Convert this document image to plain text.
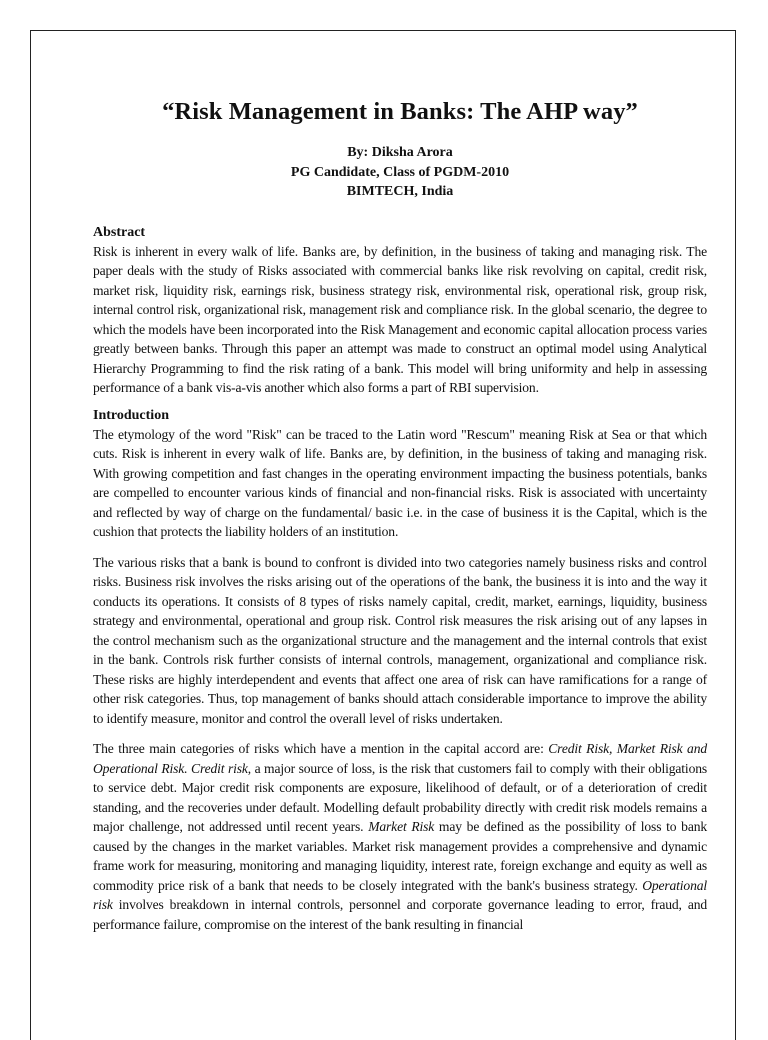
“Risk Management in Banks: The AHP way”
By: Diksha Arora
PG Candidate, Class of PGDM-2010
BIMTECH, India
Abstract

Risk is inherent in every walk of life. Banks are, by definition, in the business of taking and managing risk. The paper deals with the study of Risks associated with commercial banks like risk revolving on capital, credit risk, market risk, liquidity risk, earnings risk, business strategy risk, environmental risk, operational risk, group risk, internal control risk, organizational risk, management risk and compliance risk. In the global scenario, the degree to which the models have been incorporated into the Risk Management and economic capital allocation process varies greatly between banks. Through this paper an attempt was made to construct an optimal model using Analytical Hierarchy Programming to find the risk rating of a bank. This model will bring uniformity and help in assessing performance of a bank vis-a-vis another which also forms a part of RBI supervision.

Introduction

The etymology of the word "Risk" can be traced to the Latin word "Rescum" meaning Risk at Sea or that which cuts. Risk is inherent in every walk of life. Banks are, by definition, in the business of taking and managing risk. With growing competition and fast changes in the operating environment impacting the business potentials, banks are compelled to encounter various kinds of financial and non-financial risks. Risk is associated with uncertainty and reflected by way of charge on the fundamental/ basic i.e. in the case of business it is the Capital, which is the cushion that protects the liability holders of an institution.

The various risks that a bank is bound to confront is divided into two categories namely business risks and control risks. Business risk involves the risks arising out of the operations of the bank, the business it is into and the way it conducts its operations. It consists of 8 types of risks namely capital, credit, market, earnings, liquidity, business strategy and environmental, operational and group risk. Control risk measures the risk arising out of any lapses in the control mechanism such as the organizational structure and the management and the internal controls that exist in the bank. Controls risk further consists of internal controls, management, organizational and compliance risk. These risks are highly interdependent and events that affect one area of risk can have ramifications for a range of other risk categories. Thus, top management of banks should attach considerable importance to improve the ability to identify measure, monitor and control the overall level of risks undertaken.

The three main categories of risks which have a mention in the capital accord are: Credit Risk, Market Risk and Operational Risk. Credit risk, a major source of loss, is the risk that customers fail to comply with their obligations to service debt. Major credit risk components are exposure, likelihood of default, or of a deterioration of credit standing, and the recoveries under default. Modelling default probability directly with credit risk models remains a major challenge, not addressed until recent years. Market Risk may be defined as the possibility of loss to bank caused by the changes in the market variables. Market risk management provides a comprehensive and dynamic frame work for measuring, monitoring and managing liquidity, interest rate, foreign exchange and equity as well as commodity price risk of a bank that needs to be closely integrated with the bank's business strategy. Operational risk involves breakdown in internal controls, personnel and corporate governance leading to error, fraud, and performance failure, compromise on the interest of the bank resulting in financial
